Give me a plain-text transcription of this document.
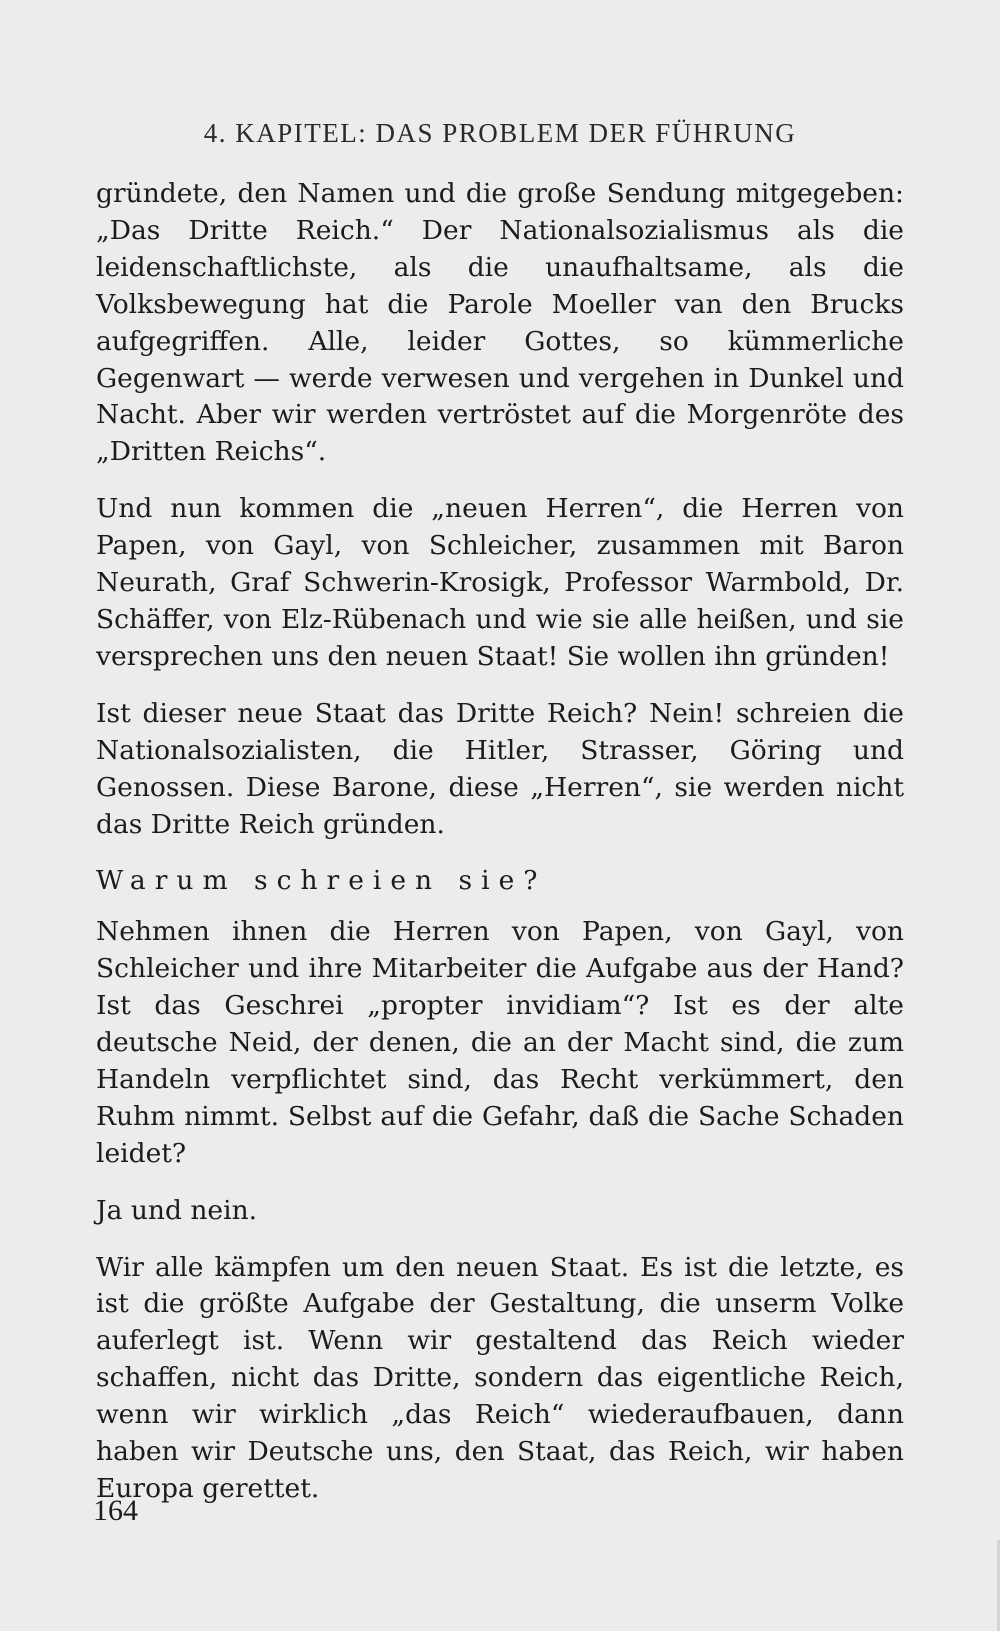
4. KAPITEL: DAS PROBLEM DER FÜHRUNG

gründete, den Namen und die große Sendung mitgegeben: „Das Dritte Reich.“ Der Nationalsozialismus als die leidenschaftlichste, als die unaufhaltsame, als die Volksbewegung hat die Parole Moeller van den Brucks aufgegriffen. Alle, leider Gottes, so kümmerliche Gegenwart — werde verwesen und vergehen in Dunkel und Nacht. Aber wir werden vertröstet auf die Morgenröte des „Dritten Reichs“.

Und nun kommen die „neuen Herren“, die Herren von Papen, von Gayl, von Schleicher, zusammen mit Baron Neurath, Graf Schwerin-Krosigk, Professor Warmbold, Dr. Schäffer, von Elz-Rübenach und wie sie alle heißen, und sie versprechen uns den neuen Staat! Sie wollen ihn gründen!

Ist dieser neue Staat das Dritte Reich? Nein! schreien die Nationalsozialisten, die Hitler, Strasser, Göring und Genossen. Diese Barone, diese „Herren“, sie werden nicht das Dritte Reich gründen.

Warum schreien sie?

Nehmen ihnen die Herren von Papen, von Gayl, von Schleicher und ihre Mitarbeiter die Aufgabe aus der Hand? Ist das Geschrei „propter invidiam“? Ist es der alte deutsche Neid, der denen, die an der Macht sind, die zum Handeln verpflichtet sind, das Recht verkümmert, den Ruhm nimmt. Selbst auf die Gefahr, daß die Sache Schaden leidet?

Ja und nein.

Wir alle kämpfen um den neuen Staat. Es ist die letzte, es ist die größte Aufgabe der Gestaltung, die unserm Volke auferlegt ist. Wenn wir gestaltend das Reich wieder schaffen, nicht das Dritte, sondern das eigentliche Reich, wenn wir wirklich „das Reich“ wiederaufbauen, dann haben wir Deutsche uns, den Staat, das Reich, wir haben Europa gerettet.

164
